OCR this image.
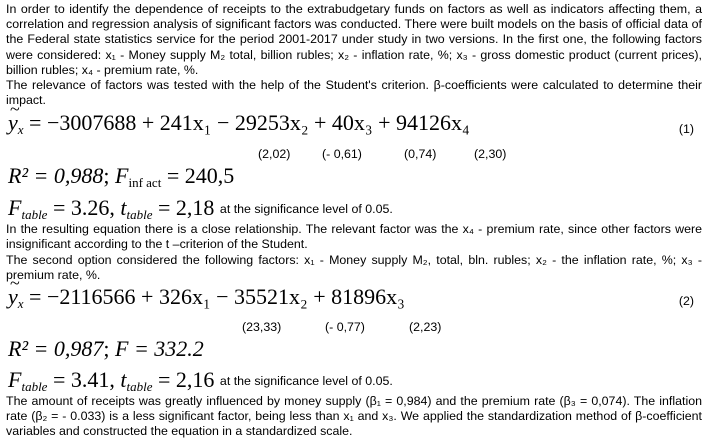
In order to identify the dependence of receipts to the extrabudgetary funds on factors as well as indicators affecting them, a correlation and regression analysis of significant factors was conducted. There were built models on the basis of official data of the Federal state statistics service for the period 2001-2017 under study in two versions. In the first one, the following factors were considered: x₁ - Money supply M₂ total, billion rubles; x₂ - inflation rate, %; x₃ - gross domestic product (current prices), billion rubles; x₄ - premium rate, %.
The relevance of factors was tested with the help of the Student's criterion. β-coefficients were calculated to determine their impact.
~ $y_x = -3007688 + 241x_1 - 29253x_2 + 40x_3 + 94126x_4$	(1)
(2,02)	(- 0,61)	(0,74)	(2,30)
R² = 0,988; $F_{inf act} = 240,5$
$F_{table} = 3.26$, $t_{table} = 2,18$ at the significance level of 0.05.
In the resulting equation there is a close relationship. The relevant factor was the x₄ - premium rate, since other factors were insignificant according to the t –criterion of the Student.
The second option considered the following factors: x₁ - Money supply M₂, total, bln. rubles; x₂ - the inflation rate, %; x₃ - premium rate, %.
~ $y_x = -2116566 + 326x_1 - 35521x_2 + 81896x_3$	(2)
(23,33)	(- 0,77)	(2,23)
R² = 0,987; F = 332.2
$F_{table} = 3.41$, $t_{table} = 2,16$ at the significance level of 0.05.
The amount of receipts was greatly influenced by money supply (β₁ = 0,984) and the premium rate (β₃ = 0,074). The inflation rate (β₂ = - 0.033) is a less significant factor, being less than x₁ and x₃. We applied the standardization method of β-coefficient variables and constructed the equation in a standardized scale.
